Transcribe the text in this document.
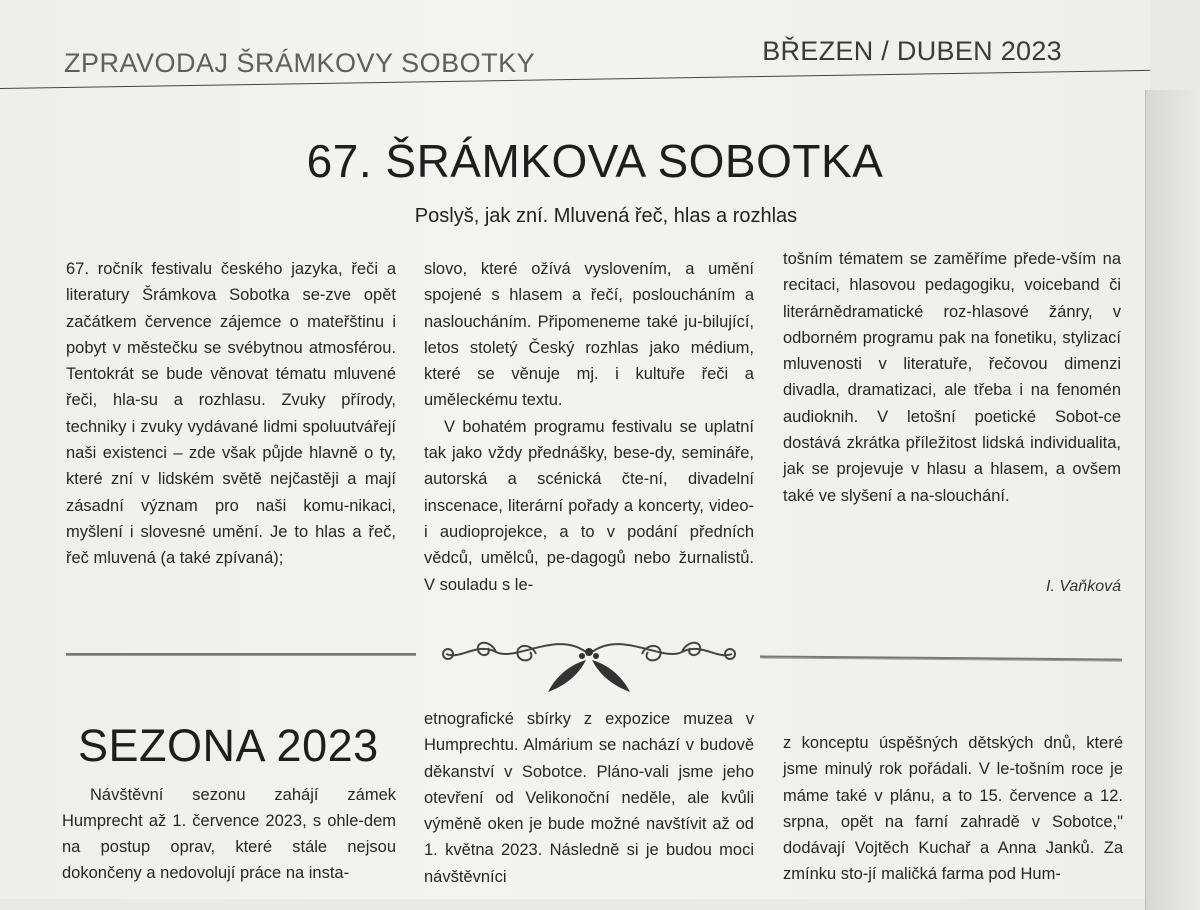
ZPRAVODAJ ŠRÁMKOVY SOBOTKY	BŘEZEN / DUBEN 2023
67. ŠRÁMKOVA SOBOTKA
Poslyš, jak zní. Mluvená řeč, hlas a rozhlas

67. ročník festivalu českého jazyka, řeči a literatury Šrámkova Sobotka se-zve opět začátkem července zájemce o mateřštinu i pobyt v městečku se svébytnou atmosférou. Tentokrát se bude věnovat tématu mluvené řeči, hla-su a rozhlasu. Zvuky přírody, techniky i zvuky vydávané lidmi spoluutvářejí naši existenci – zde však půjde hlavně o ty, které zní v lidském světě nejčastěji a mají zásadní význam pro naši komu-nikaci, myšlení i slovesné umění. Je to hlas a řeč, řeč mluvená (a také zpívaná);

slovo, které ožívá vyslovením, a umění spojené s hlasem a řečí, posloucháním a nasloucháním. Připomeneme také ju-bilující, letos stoletý Český rozhlas jako médium, které se věnuje mj. i kultuře řeči a uměleckému textu.

V bohatém programu festivalu se uplatní tak jako vždy přednášky, bese-dy, semináře, autorská a scénická čte-ní, divadelní inscenace, literární pořady a koncerty, video- i audioprojekce, a to v podání předních vědců, umělců, pe-dagogů nebo žurnalistů. V souladu s le-

tošním tématem se zaměříme přede-vším na recitaci, hlasovou pedagogiku, voiceband či literárnědramatické roz-hlasové žánry, v odborném programu pak na fonetiku, stylizací mluvenosti v literatuře, řečovou dimenzi divadla, dramatizaci, ale třeba i na fenomén audioknih. V letošní poetické Sobot-ce dostává zkrátka příležitost lidská individualita, jak se projevuje v hlasu a hlasem, a ovšem také ve slyšení a na-slouchání.

I. Vaňková
SEZONA 2023

Návštěvní sezonu zahájí zámek Humprecht až 1. července 2023, s ohle-dem na postup oprav, které stále nejsou dokončeny a nedovolují práce na insta-

etnografické sbírky z expozice muzea v Humprechtu. Almárium se nachází v budově děkanství v Sobotce. Pláno-vali jsme jeho otevření od Velikonoční neděle, ale kvůli výměně oken je bude možné navštívit až od 1. května 2023. Následně si je budou moci návštěvníci

z konceptu úspěšných dětských dnů, které jsme minulý rok pořádali. V le-tošním roce je máme také v plánu, a to 15. července a 12. srpna, opět na farní zahradě v Sobotce," dodávají Vojtěch Kuchař a Anna Janků. Za zmínku sto-jí maličká farma pod Hum-
